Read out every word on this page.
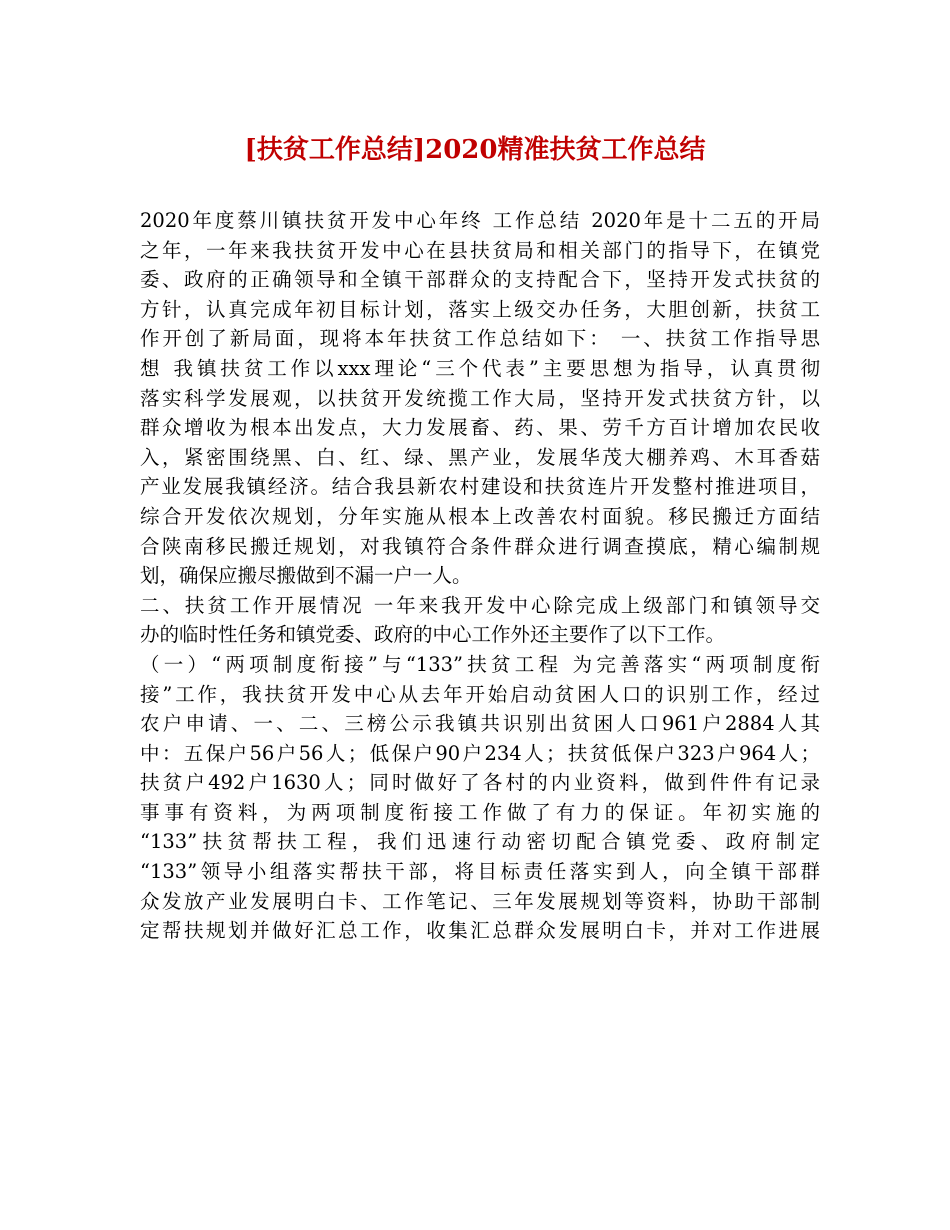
[扶贫工作总结]2020精准扶贫工作总结
2020年度蔡川镇扶贫开发中心年终 工作总结 2020年是十二五的开局
之年，一年来我扶贫开发中心在县扶贫局和相关部门的指导下，在镇党
委、政府的正确领导和全镇干部群众的支持配合下，坚持开发式扶贫的
方针，认真完成年初目标计划，落实上级交办任务，大胆创新，扶贫工
作开创了新局面，现将本年扶贫工作总结如下： 一、扶贫工作指导思
想 我镇扶贫工作以xxx理论“三个代表”主要思想为指导，认真贯彻
落实科学发展观，以扶贫开发统揽工作大局，坚持开发式扶贫方针，以
群众增收为根本出发点，大力发展畜、药、果、劳千方百计增加农民收
入，紧密围绕黑、白、红、绿、黑产业，发展华茂大棚养鸡、木耳香菇
产业发展我镇经济。结合我县新农村建设和扶贫连片开发整村推进项目，
综合开发依次规划，分年实施从根本上改善农村面貌。移民搬迁方面结
合陕南移民搬迁规划，对我镇符合条件群众进行调查摸底，精心编制规
划，确保应搬尽搬做到不漏一户一人。
二、扶贫工作开展情况 一年来我开发中心除完成上级部门和镇领导交
办的临时性任务和镇党委、政府的中心工作外还主要作了以下工作。
（一）“两项制度衔接”与“133”扶贫工程 为完善落实“两项制度衔
接”工作，我扶贫开发中心从去年开始启动贫困人口的识别工作，经过
农户申请、一、二、三榜公示我镇共识别出贫困人口961户2884人其
中：五保户56户56人；低保户90户234人；扶贫低保户323户964人；
扶贫户492户1630人；同时做好了各村的内业资料，做到件件有记录
事事有资料，为两项制度衔接工作做了有力的保证。年初实施的
“133”扶贫帮扶工程，我们迅速行动密切配合镇党委、政府制定
“133”领导小组落实帮扶干部，将目标责任落实到人，向全镇干部群
众发放产业发展明白卡、工作笔记、三年发展规划等资料，协助干部制
定帮扶规划并做好汇总工作，收集汇总群众发展明白卡，并对工作进展
